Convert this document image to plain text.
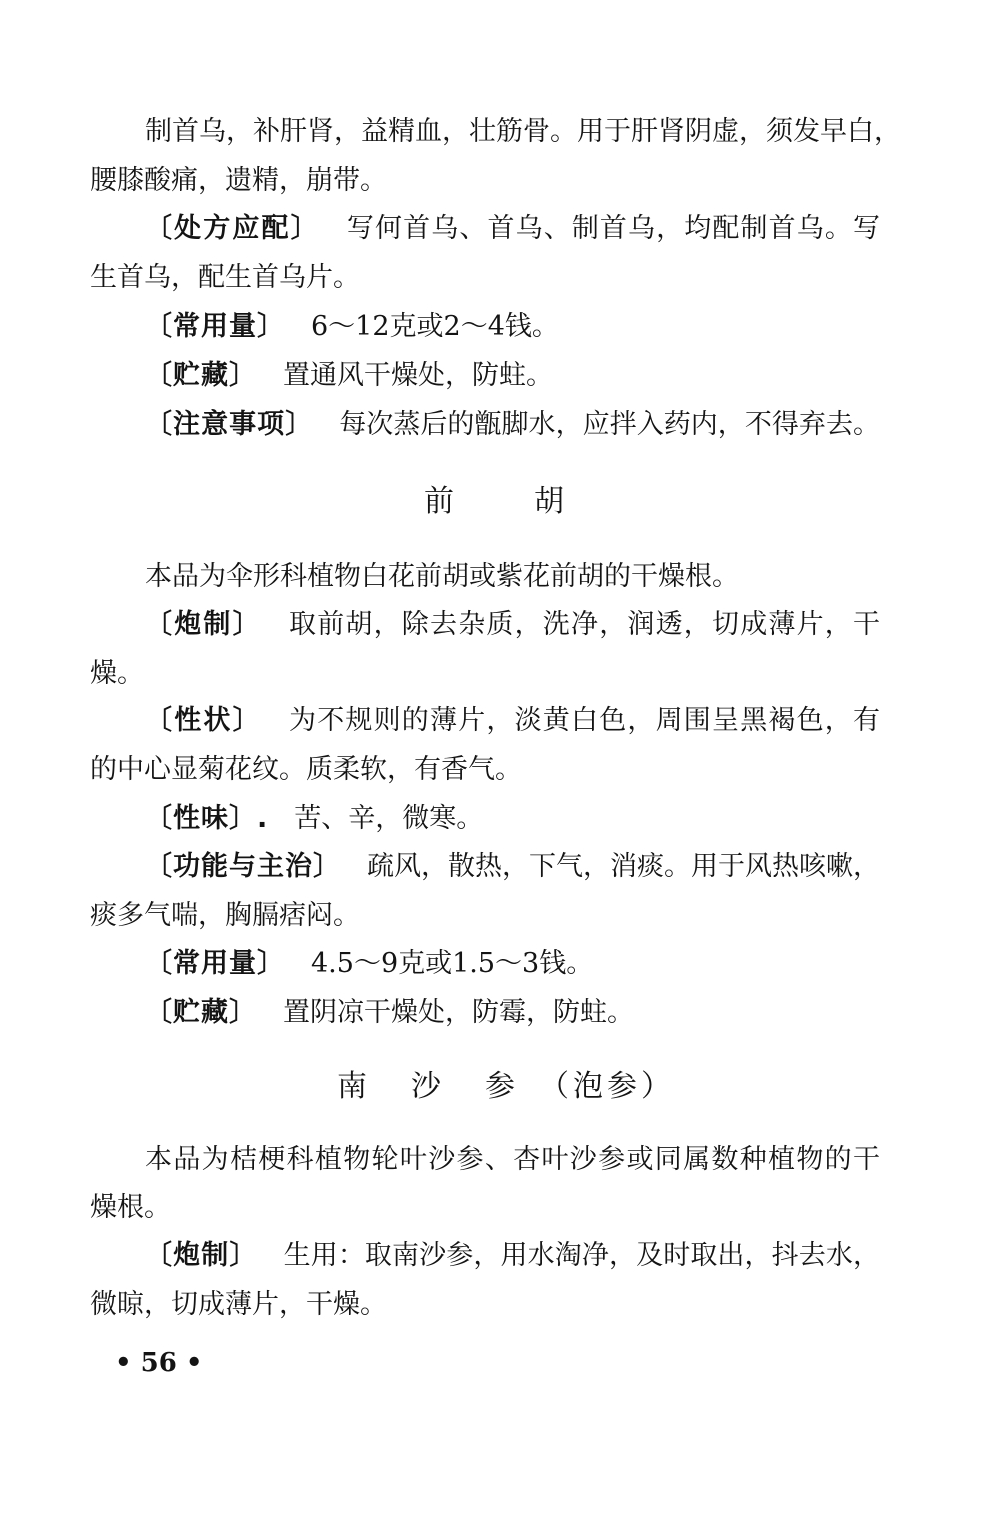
制首乌，补肝肾，益精血，壮筋骨。用于肝肾阴虚，须发早白，
腰膝酸痛，遗精，崩带。
〔处方应配〕 写何首乌、首乌、制首乌，均配制首乌。写
生首乌，配生首乌片。
〔常用量〕 6～12克或2～4钱。
〔贮藏〕 置通风干燥处，防蛀。
〔注意事项〕 每次蒸后的甑脚水，应拌入药内，不得弃去。
前	胡
本品为伞形科植物白花前胡或紫花前胡的干燥根。
〔炮制〕 取前胡，除去杂质，洗净，润透，切成薄片，干
燥。
〔性状〕 为不规则的薄片，淡黄白色，周围呈黑褐色，有
的中心显菊花纹。质柔软，有香气。
〔性味〕. 苦、辛，微寒。
〔功能与主治〕 疏风，散热，下气，消痰。用于风热咳嗽，
痰多气喘，胸膈痞闷。
〔常用量〕 4.5～9克或1.5～3钱。
〔贮藏〕 置阴凉干燥处，防霉，防蛀。
南 沙 参 （泡参）
本品为桔梗科植物轮叶沙参、杏叶沙参或同属数种植物的干
燥根。
〔炮制〕 生用：取南沙参，用水淘净，及时取出，抖去水，
微晾，切成薄片，干燥。
• 56 •
